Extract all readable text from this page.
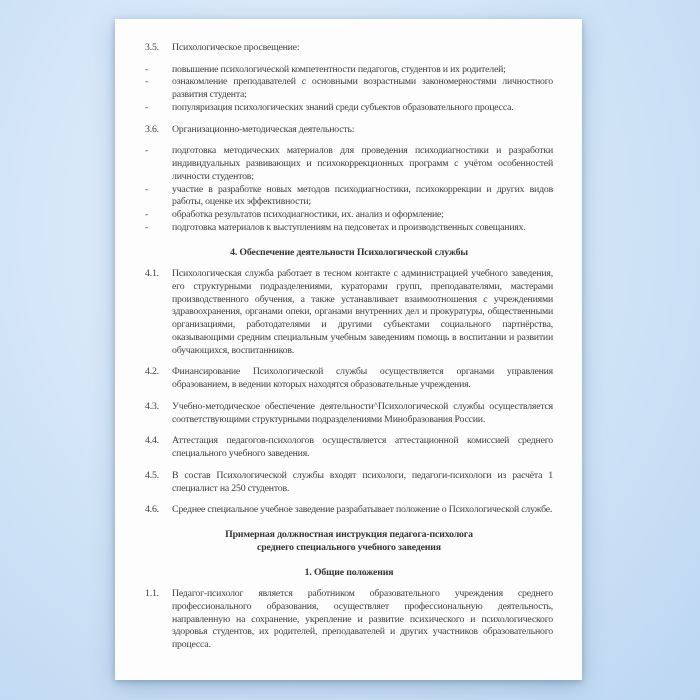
3.5.	Психологическое просвещение:
-	повышение психологической компетентности педагогов, студентов и их родителей;
-	ознакомление преподавателей с основными возрастными закономерностями личностного развития студента;
-	популяризация психологических знаний среди субъектов образовательного процесса.
3.6.	Организационно-методическая деятельность:
-	подготовка методических материалов для проведения психодиагностики и разработки индивидуальных развивающих и психокоррекционных программ с учётом особенностей личности студентов;
-	участие в разработке новых методов психодиагностики, психокоррекции и других видов работы, оценке их эффективности;
-	обработка результатов психодиагностики, их. анализ и оформление;
-	подготовка материалов к выступлениям на педсоветах и производственных совещаниях.
4. Обеспечение деятельности Психологической службы
4.1.	Психологическая служба работает в тесном контакте с администрацией учебного заведения, его структурными подразделениями, кураторами групп, преподавателями, мастерами производственного обучения, а также устанавливает взаимоотношения с учреждениями здравоохранения, органами опеки, органами внутренних дел и прокуратуры, общественными организациями, работодателями и другими субъектами социального партнёрства, оказывающими средним специальным учебным заведениям помощь в воспитании и развитии обучающихся, воспитанников.
4.2.	Финансирование Психологической службы осуществляется органами управления образованием, в ведении которых находятся образовательные учреждения.
4.3.	Учебно-методическое обеспечение деятельности^Психологической службы осуществляется соответствующими структурными подразделениями Минобразования России.
4.4.	Аттестация педагогов-психологов осуществляется аттестационной комиссией среднего специального учебного заведения.
4.5.	В состав Психологической службы входят психологи, педагоги-психологи из расчёта 1 специалист на 250 студентов.
4.6.	Среднее специальное учебное заведение разрабатывает положение о Психологической службе.
Примерная должностная инструкция педагога-психолога
среднего специального учебного заведения
1. Общие положения
1.1.	Педагог-психолог является работником образовательного учреждения среднего профессионального образования, осуществляет профессиональную деятельность, направленную на сохранение, укрепление и развитие психического и психологического здоровья студентов, их родителей, преподавателей и других участников образовательного процесса.
